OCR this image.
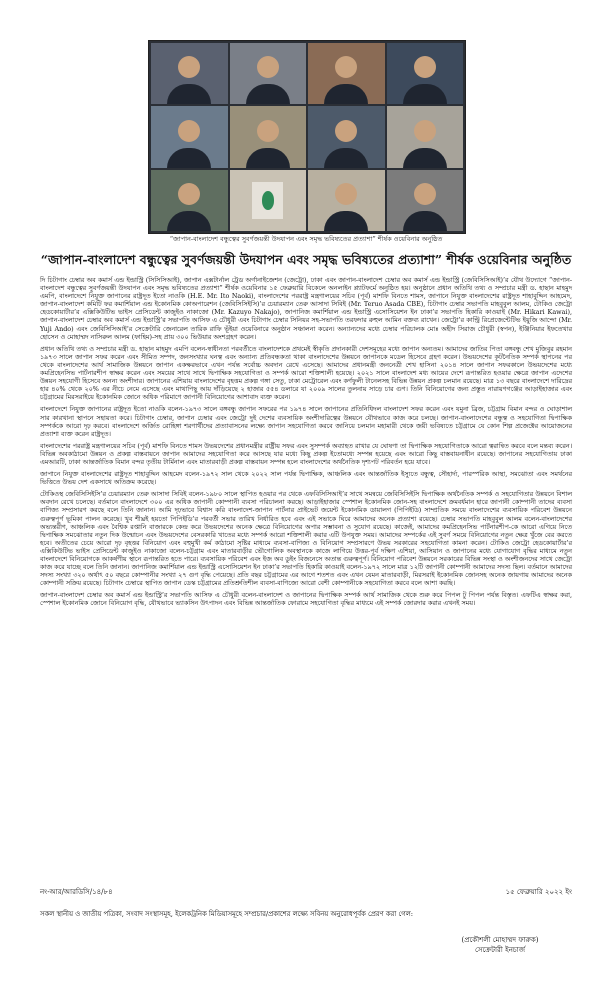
“জাপান-বাংলাদেশ বন্ধুত্বের সুবর্ণজয়ন্তী উদযাপন এবং সমৃদ্ধ ভবিষ্যতের প্রত্যাশা” শীর্ষক ওয়েবিনার অনুষ্ঠিত
“জাপান-বাংলাদেশ বন্ধুত্বের সুবর্ণজয়ন্তী উদযাপন এবং সমৃদ্ধ ভবিষ্যতের প্রত্যাশা” শীর্ষক ওয়েবিনার অনুষ্ঠিত

দি চিটাগাং চেম্বার অব কমার্স এন্ড ইন্ডাস্ট্রি (সিসিসিআই), জাপান এক্সটার্নাল ট্রেড অর্গানাইজেশন (জেট্রো), ঢাকা এবং জাপান-বাংলাদেশ চেম্বার অব কমার্স এন্ড ইন্ডাস্ট্রি (জেবিসিসিআই)’র যৌথ উদ্যোগে “জাপান-বাংলাদেশ বন্ধুত্বের সুবর্ণজয়ন্তী উদযাপন এবং সমৃদ্ধ ভবিষ্যতের প্রত্যাশা” শীর্ষক ওয়েবিনার ১৫ ফেব্রুয়ারি বিকেলে অনলাইন প্ল্যাটফর্মে অনুষ্ঠিত হয়। অনুষ্ঠানে প্রধান অতিথি তথ্য ও সম্প্রচার মন্ত্রী ড. হাছান মাহমুদ এমপি, বাংলাদেশে নিযুক্ত জাপানের রাষ্ট্রদূত ইতো নাওকি (H.E. Mr. Ito Naoki), বাংলাদেশের পররাষ্ট্র মন্ত্রণালয়ের সচিব (পূর্ব) মাশফি বিনতে শামস, জাপানে নিযুক্ত বাংলাদেশের রাষ্ট্রদূত শাহাবুদ্দিন আহমেদ, জাপান-বাংলাদেশ কমিটি ফর কমার্শিয়াল এন্ড ইকোনমিক কোঅপারেশন (জেবিসিসিইসি)’র চেয়ারম্যান তেরু আসাদা সিবিই (Mr. Teruo Asada CBE), চিটাগাং চেম্বার সভাপতি মাহবুবুল আলম, টোকিও জেট্রো হেডকোয়ার্টার’র এক্সিকিউটিভ ভাইস প্রেসিডেন্ট কাজুইও নাকাজো (Mr. Kazuyo Nakajo), জাপানিজ কমার্শিয়াল এন্ড ইন্ডাস্ট্রি এসোসিয়েশন ইন ঢাকা’র সভাপতি হিকারি কাওয়াই (Mr. Hikari Kawai), জাপান-বাংলাদেশ চেম্বার অব কমার্স এন্ড ইন্ডাস্ট্রি’র সভাপতি আসিফ এ চৌধুরী এবং চিটাগাং চেম্বার সিনিয়র সহ-সভাপতি তরফদার রুহুল আমিন বক্তব্য রাখেন। জেট্রো’র কান্ট্রি রিপ্রেজেন্টেটিভ ইয়ুজি আন্দো (Mr. Yuji Ando) এবং জেবিসিসিআই’র সেক্রেটারি জেনারেল তারিক রাফি ভূঁইয়া ওয়েবিনারে অনুষ্ঠান সঞ্চালনা করেন। অন্যান্যদের মধ্যে চেম্বার পরিচালক মোঃ অহীদ সিরাজ চৌধুরী (স্বপন), ইঞ্জিনিয়ার ইফতেখার হোসেন ও মোহাম্মদ নাসিরুল আলম (ফাহিম)-সহ প্রায় ৩০০ ভিউয়ার অংশগ্রহণ করেন।

প্রধান অতিথি তথ্য ও সম্প্রচার মন্ত্রী ড. হাছান মাহমুদ এমপি বলেন-স্বাধীনতা পরবর্তীতে বাংলাদেশকে প্রথমেই স্বীকৃতি প্রদানকারী দেশসমূহের মধ্যে জাপান অন্যতম। আমাদের জাতির পিতা বঙ্গবন্ধু শেখ মুজিবুর রহমান ১৯৭৩ সালে জাপান সফর করেন এবং সীমিত সম্পদ, জনসংখ্যার ঘনত্ব এবং অন্যান্য প্রতিবন্ধকতা থাকা বাংলাদেশের উন্নয়নে জাপানকে মডেল হিসেবে গ্রহণ করেন। উভয়দেশের কূটনৈতিক সম্পর্ক স্থাপনের পর থেকে বাংলাদেশের আর্থ সামাজিক উন্নয়নে জাপান একক্ষরভাবে এখন পর্যন্ত সর্বোচ্চ অবদান রেখে এসেছে। আমাদের প্রধানমন্ত্রী জননেত্রী শেখ হাসিনা ২০১৪ সালে জাপান সফরকালে উভয়দেশের মধ্যে কমপ্রিহেনসিভ পার্টনারশীপ স্বাক্ষর করেন এবং সময়ের সাথে সাথে দ্বিপাক্ষিক সহযোগিতা ও সম্পর্ক আরো শক্তিশালী হয়েছে। ২০২১ সালে বাংলাদেশ মধ্য আয়ের দেশে রূপান্তরিত হওয়ার ক্ষেত্রে জাপান এদেশের উন্নয়ন সহযোগী হিসেবে অনন্য অংশীদার। জাপানের এশিয়ায় বাংলাদেশের বৃহত্তম প্রকল্প গঙ্গা সেতু, ঢাকা মেট্রোরেল এবং কর্ণফুলী টানেলসহ বিভিন্ন উন্নয়ন প্রকল্প চলমান রয়েছে। মাত্র ১৩ বছরে বাংলাদেশে দারিদ্রের হার ৪০% থেকে ২০% এর নীচে নেমে এসেছে এবং মাথাপিছু আয় দাঁড়িয়েছে ২ হাজার ৫৫৪ ডলারে যা ২০০৯ সালের তুলনায় সাড়ে চার গুণ। তিনি বিনিয়োগের জন্য প্রস্তুত নারায়ণগঞ্জের আড়াইহাজার এবং চট্টগ্রামের মিরসরাইয়ে ইকোনমিক জোনে অধিক পরিমাণে জাপানী বিনিয়োগের আশাবাদ ব্যক্ত করেন।

বাংলাদেশে নিযুক্ত জাপানের রাষ্ট্রদূত ইতো নাওকি বলেন-১৯৭৩ সালে বঙ্গবন্ধু জাপান সফরের পর ১৯৭৪ সালে জাপানের প্রতিনিধিদল বাংলাদেশ সফর করেন এবং যমুনা ব্রিজ, চট্টগ্রাম বিমান বন্দর ও ঘোড়াশাল সার কারখানা স্থাপনে সহায়তা করে। চিটাগাং চেম্বার, জাপান চেম্বার এবং জেট্রো দুই দেশের ব্যবসায়িক অংশীদারিত্বের উন্নয়নে যৌথভাবে কাজ করে চলছে। জাপান-বাংলাদেশের বন্ধুত্ব ও সহযোগিতা দ্বিপাক্ষিক সম্পর্ককে আরো দৃঢ় করবে। বাংলাদেশে অর্জিত রোহিঙ্গা শরণার্থীদের প্রত্যাবাসনের লক্ষ্যে জাপান সহযোগিতা করবে জানিয়ে চলমান মহামারী থেকে জয়ী ভবিষ্যতে চট্টগ্রামে যে কোন শিল্প প্রজেক্টের আয়োজনের প্রত্যাশা ব্যক্ত করেন রাষ্ট্রদূত।

বাংলাদেশের পররাষ্ট্র মন্ত্রণালয়ের সচিব (পূর্ব) মাশফি বিনতে শামস উভয়দেশের প্রধানমন্ত্রীর রাষ্ট্রীয় সফর এবং সুসম্পর্ক অব্যাহত রাখার যে ঘোষণা তা দ্বিপাক্ষিক সহযোগিতাকে আরো ত্বরান্বিত করবে বলে মন্তব্য করেন। বিভিন্ন অবকাঠামো উন্নয়ন ও প্রকল্প বাস্তবায়নে জাপান আমাদের সহযোগিতা করে আসছে যার মধ্যে কিছু প্রকল্প ইতোমধ্যে সম্পন্ন হয়েছে এবং আরো কিছু বাস্তবায়নাধীন রয়েছে। জাপানের সহযোগিতায় ঢাকা এমআরটি, ঢাকা আন্তর্জাতিক বিমান বন্দর তৃতীয় টার্মিনাল এবং মাতারবাড়ী প্রকল্প বাস্তবায়ন সম্পন্ন হলে বাংলাদেশের অর্থনৈতিক দৃশ্যপট পরিবর্তন হয়ে যাবে।

জাপানে নিযুক্ত বাংলাদেশের রাষ্ট্রদূত শাহাবুদ্দিন আহমেদ বলেন-১৯৭২ সাল থেকে ২০২২ সাল পর্যন্ত দ্বিপাক্ষিক, আঞ্চলিক এবং আন্তর্জাতিক ইস্যুতে বন্ধুত্ব, সৌহার্দ্য, পারস্পরিক আস্থা, সমঝোতা এবং সমর্থনের ভিত্তিতে উভয় দেশ একসাথে অতিক্রম করেছে।

টোকিওস্থ জেবিসিসিইসি’র চেয়ারম্যান তেরু আসাদা সিবিই বলেন-১৯৮০ সালে স্থাপিত হওয়ার পর থেকে এফবিসিসিআই’র সাথে সমন্বয়ে জেবিসিসিইসি দ্বিপাক্ষিক অর্থনৈতিক সম্পর্ক ও সহযোগিতার উন্নয়নে বিশাল অবদান রেখে চলেছে। বর্তমানে বাংলাদেশে ৩০০ এর অধিক জাপানী কোম্পানী ব্যবসা পরিচালনা করছে। আড়াইহাজার স্পেশাল ইকোনমিক জোন-সহ বাংলাদেশে ক্রমবর্ধমান হারে জাপানী কোম্পানী তাদের ব্যবসা বাণিজ্য সম্প্রসারণ করছে বলে তিনি জানান। আমি দৃঢ়ভাবে বিশ্বাস করি বাংলাদেশ-জাপান পার্টনার প্রাইভেট জয়েন্ট ইকোনমিক ডায়ালগ (পিপিইডি) সাম্প্রতিক সময়ে বাংলাদেশের ব্যবসায়িক পরিবেশ উন্নয়নে গুরুত্বপূর্ণ ভূমিকা পালন করেছে। খুব শীঘ্রই হয়তো পিপিইডি’র পরবর্তী সভার তারিখ নির্ধারিত হবে এবং এই সভাকে ঘিরে আমাদের অনেক প্রত্যাশা রয়েছে। চেম্বার সভাপতি মাহবুবুল আলম বলেন-বাংলাদেশের অভ্যন্তরীণ, আঞ্চলিক এবং বৈশ্বিক রপ্তানি বাজারকে কেন্দ্র করে উভয়দেশের অনেক ক্ষেত্রে বিনিয়োগের অপার সম্ভাবনা ও সুযোগ রয়েছে। কাজেই, আমাদের কমপ্রিহেনসিভ পার্টনারশীপ-কে আরো এগিয়ে নিতে দ্বিপাক্ষিক সমঝোতার নতুন দিক উন্মোচন এবং উভয়দেশের বেসরকারি খাতের মধ্যে সম্পর্ক আরো শক্তিশালী করার এটি উপযুক্ত সময়। আমাদের সম্পর্কের এই সুবর্ণ সময়ে বিনিয়োগের নতুন ক্ষেত্র খুঁজে বের করতে হবে। অতীতের চেয়ে আরো দৃঢ় বৃহত্তর বিনিয়োগ এবং বহুমুখী কর্ম কাঠামো সৃষ্টির মাধ্যমে ব্যবসা-বাণিজ্য ও বিনিয়োগ সম্প্রসারণে উভয় সরকারের সহযোগিতা কামনা করেন। টোকিও জেট্রো হেডকোয়ার্টার’র এক্সিকিউটিভ ভাইস প্রেসিডেন্ট কাজুইও নাকাজো বলেন-চট্টগ্রাম এবং মাতারবাড়ীর ভৌগোলিক অবস্থানকে কাজে লাগিয়ে উত্তর-পূর্ব দক্ষিণ এশিয়া, আসিয়ান ও জাপানের মধ্যে যোগাযোগ বৃদ্ধির মাধ্যমে নতুন বাংলাদেশে বিনিয়োগকে আকর্ষণীয় স্থানে রূপান্তরিত হতে পারে। ব্যবসায়িক পরিবেশ এবং ইজ অব ডুইং বিজনেসে অতান্ত গুরুত্বপূর্ণ। বিনিয়োগ পরিবেশ উন্নয়নে সরকারের বিভিন্ন সংস্থা ও অংশীজনদের সাথে জেট্রো কাজ করে যাচ্ছে বলে তিনি জানান। জাপানিজ কমার্শিয়াল এন্ড ইন্ডাস্ট্রি এসোসিয়েশন ইন ঢাকা’র সভাপতি হিকারি কাওয়াই বলেন-১৯৭২ সালে মাত্র ১২টি জাপানী কোম্পানী আমাদের সদস্য ছিল। বর্তমানে আমাদের সদস্য সংখ্যা ৩২০ অর্থাৎ ৫০ বছরে কোম্পানীর সংখ্যা ২৭ গুণ বৃদ্ধি পেয়েছে। প্রতি বছর চট্টগ্রামের এর আগে শতশত এবং এখন যেমন মাতারবাড়ী, মিরসরাই ইকোনমিক জোনসহ অনেক জায়গায় আমাদের অনেক কোম্পানী সক্রিয় রয়েছে। চিটাগাং চেম্বারে স্থাপিত জাপান ডেস্ক চট্টগ্রামের প্রতিশ্রুতিশীল ব্যবসা-বাণিজ্যে আরো বেশী কোম্পানীকে সহযোগিতা করবে বলে আশা করছি।

জাপান-বাংলাদেশ চেম্বার অব কমার্স এন্ড ইন্ডাস্ট্রি’র সভাপতি আসিফ এ চৌধুরী বলেন-বাংলাদেশ ও জাপানের দ্বিপাক্ষিক সম্পর্ক আর্থ সামাজিক থেকে শুরু করে পিপল টু পিপল পর্যন্ত বিস্তৃত। এফটিএ স্বাক্ষর করা, স্পেশাল ইকোনমিক জোনে বিনিয়োগ বৃদ্ধি, যৌথভাবে ভ্যাকসিন উৎপাদন এবং বিভিন্ন আন্তর্জাতিক ফোরামে সহযোগিতা বৃদ্ধির মাধ্যমে এই সম্পর্ক জোরদার করার এখনই সময়।

নং-আর/আরডিসি/১৪/৮৪	১৫ ফেব্রুয়ারি ২০২২ ইং
সকল স্থানীয় ও জাতীয় পত্রিকা, সংবাদ সংস্থাসমূহ, ইলেকট্রনিক মিডিয়াসমূহে সম্প্রচার/প্রকাশের লক্ষ্যে সবিনয় অনুরোধপূর্বক প্রেরণ করা গেল:
(প্রকৌশলী মোহাম্মদ ফারুক)
সেক্রেটারী ইনচার্জ
